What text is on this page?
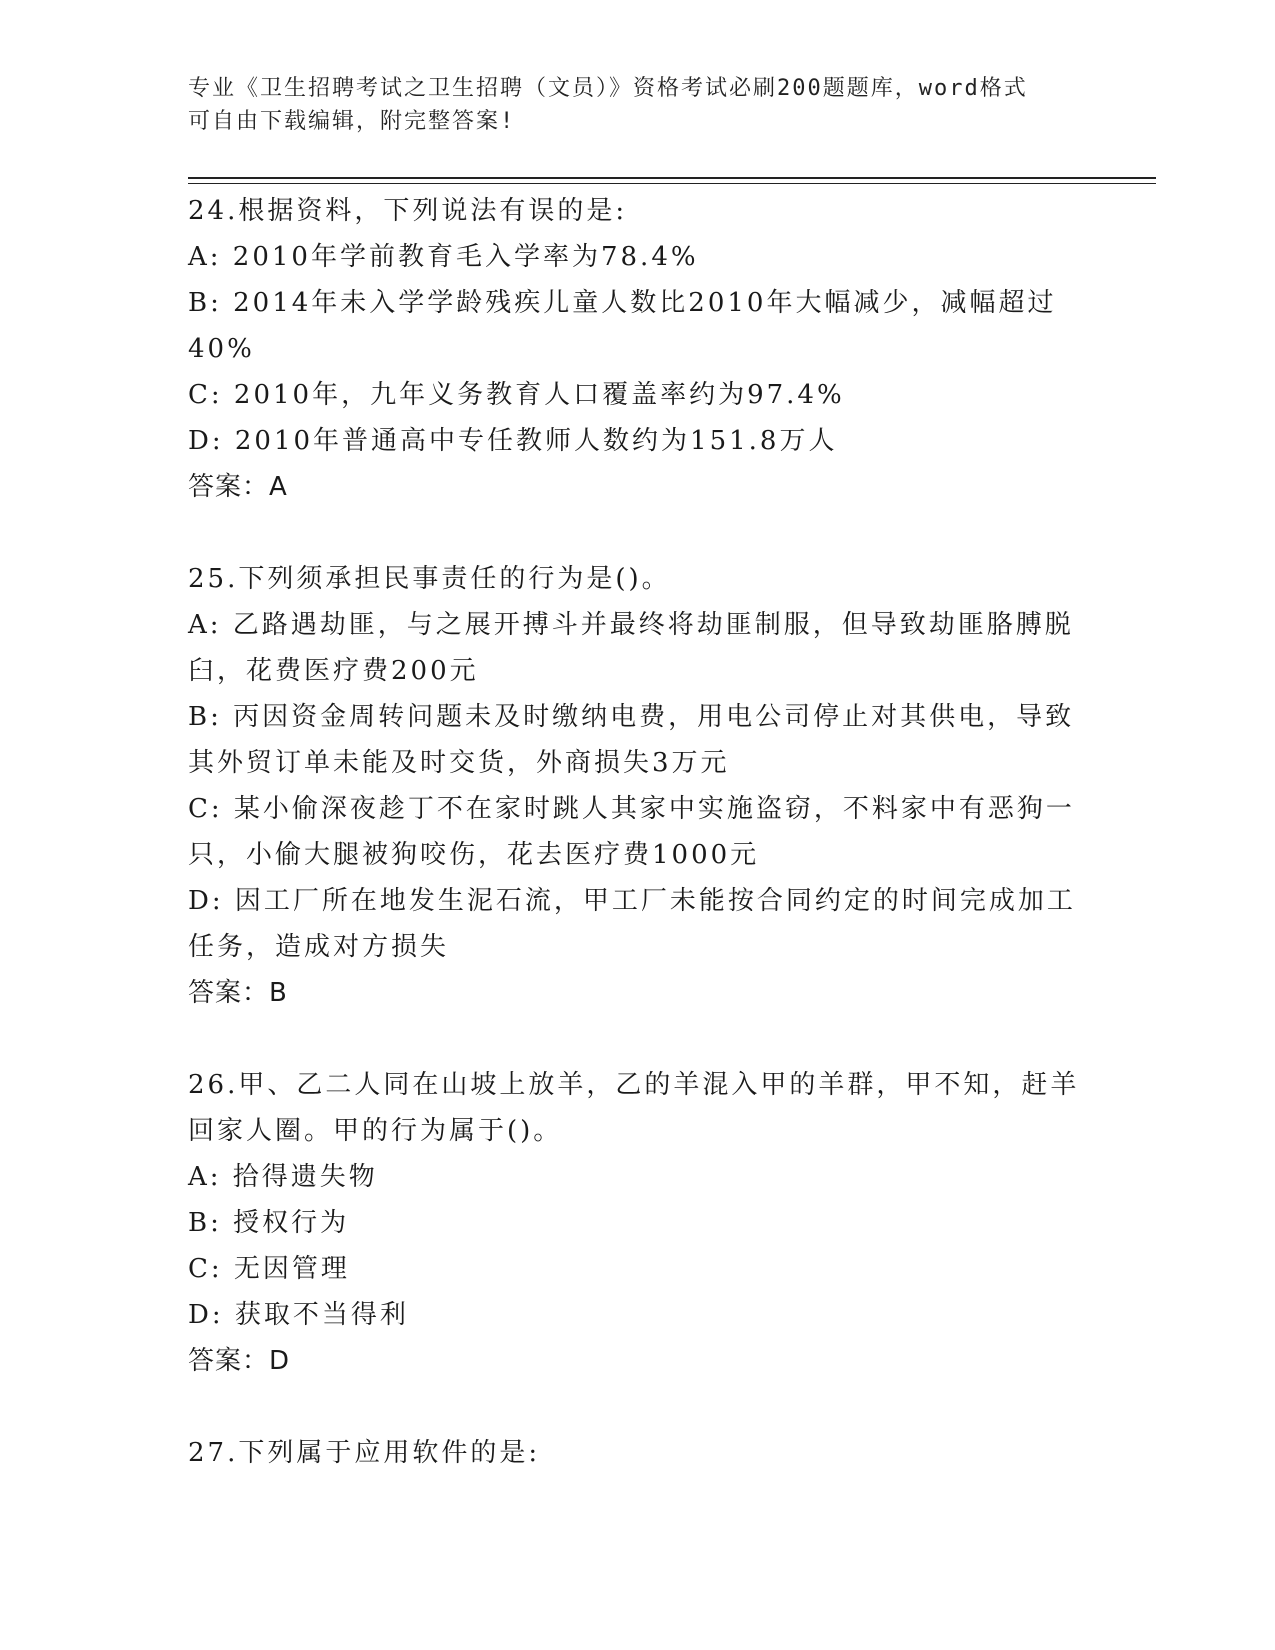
专业《卫生招聘考试之卫生招聘（文员）》资格考试必刷200题题库，word格式
可自由下载编辑，附完整答案!

24.根据资料，下列说法有误的是:

A: 2010年学前教育毛入学率为78.4%

B: 2014年未入学学龄残疾儿童人数比2010年大幅减少，减幅超过40%

C: 2010年，九年义务教育人口覆盖率约为97.4%

D: 2010年普通高中专任教师人数约为151.8万人

答案：A

25.下列须承担民事责任的行为是()。

A: 乙路遇劫匪，与之展开搏斗并最终将劫匪制服，但导致劫匪胳膊脱臼，花费医疗费200元

B: 丙因资金周转问题未及时缴纳电费，用电公司停止对其供电，导致其外贸订单未能及时交货，外商损失3万元

C: 某小偷深夜趁丁不在家时跳人其家中实施盗窃，不料家中有恶狗一只，小偷大腿被狗咬伤，花去医疗费1000元

D: 因工厂所在地发生泥石流，甲工厂未能按合同约定的时间完成加工任务，造成对方损失

答案：B

26.甲、乙二人同在山坡上放羊，乙的羊混入甲的羊群，甲不知，赶羊回家人圈。甲的行为属于()。

A: 拾得遗失物

B: 授权行为

C: 无因管理

D: 获取不当得利

答案：D

27.下列属于应用软件的是:
